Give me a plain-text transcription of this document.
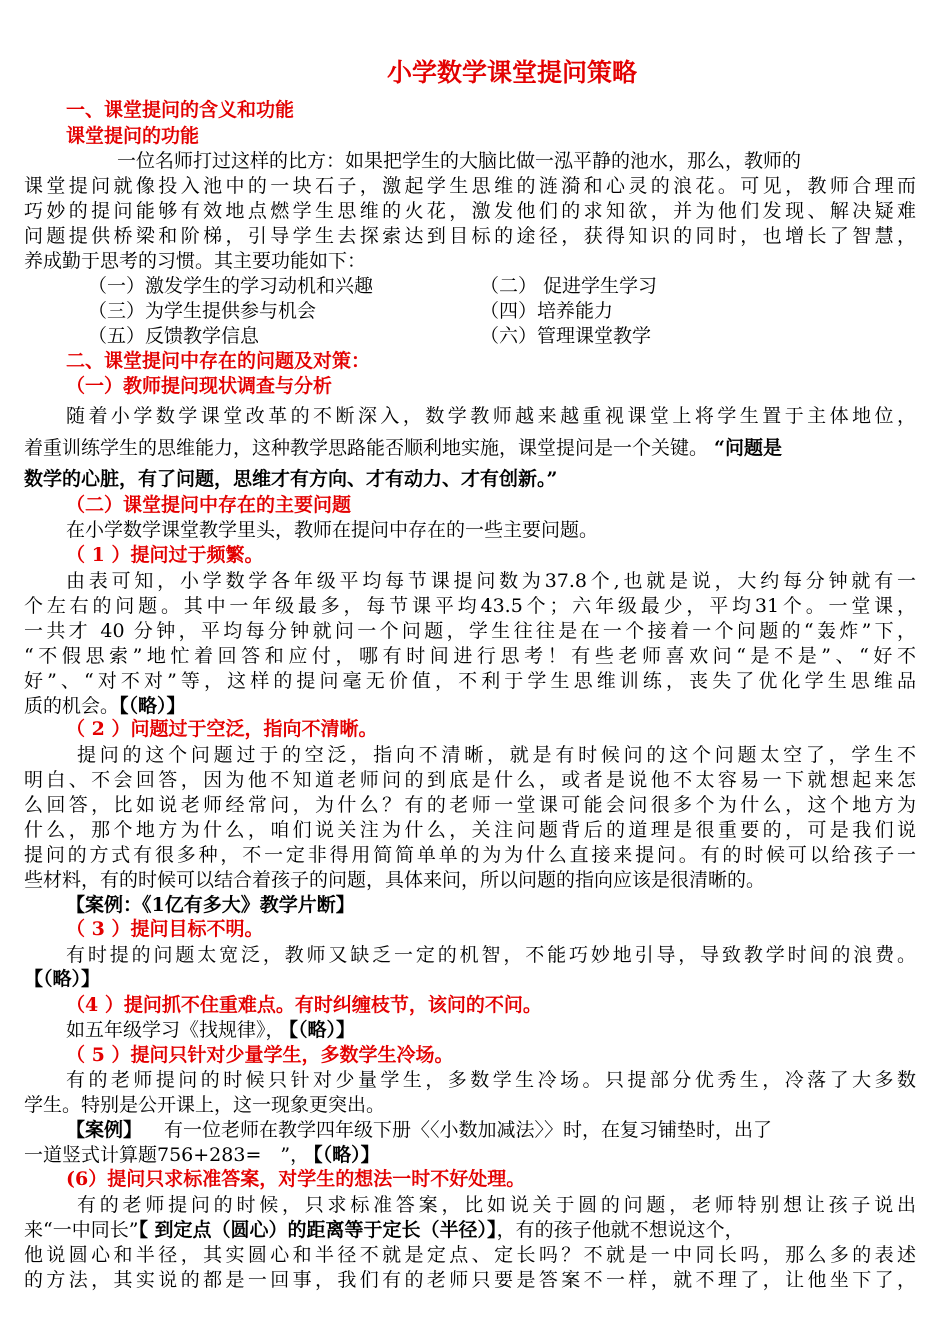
小学数学课堂提问策略
一、课堂提问的含义和功能
课堂提问的功能
一位名师打过这样的比方：如果把学生的大脑比做一泓平静的池水，那么，教师的
课堂提问就像投入池中的一块石子，激起学生思维的涟漪和心灵的浪花。可见，教师合理而
巧妙的提问能够有效地点燃学生思维的火花，激发他们的求知欲，并为他们发现、解决疑难
问题提供桥梁和阶梯，引导学生去探索达到目标的途径，获得知识的同时，也增长了智慧，
养成勤于思考的习惯。其主要功能如下：
（一）激发学生的学习动机和兴趣	（二） 促进学生学习
（三）为学生提供参与机会	（四）培养能力
（五）反馈教学信息	（六）管理课堂教学
二、课堂提问中存在的问题及对策：
（一）教师提问现状调查与分析
随着小学数学课堂改革的不断深入，数学教师越来越重视课堂上将学生置于主体地位，
着重训练学生的思维能力，这种教学思路能否顺利地实施，课堂提问是一个关键。 “问题是
数学的心脏，有了问题，思维才有方向、才有动力、才有创新。”
（二）课堂提问中存在的主要问题
在小学数学课堂教学里头，教师在提问中存在的一些主要问题。
（ 1 ）提问过于频繁。
由表可知，小学数学各年级平均每节课提问数为37.8个,也就是说，大约每分钟就有一
个左右的问题。其中一年级最多，每节课平均43.5个；六年级最少，平均31个。一堂课，
一共才 40 分钟，平均每分钟就问一个问题，学生往往是在一个接着一个问题的“轰炸”下，
“不假思索”地忙着回答和应付，哪有时间进行思考！有些老师喜欢问“是不是”、“好不
好”、“对不对”等，这样的提问毫无价值，不利于学生思维训练，丧失了优化学生思维品
质的机会。【（略）】
（ 2 ）问题过于空泛，指向不清晰。
提问的这个问题过于的空泛，指向不清晰，就是有时候问的这个问题太空了，学生不
明白、不会回答，因为他不知道老师问的到底是什么，或者是说他不太容易一下就想起来怎
么回答，比如说老师经常问，为什么？有的老师一堂课可能会问很多个为什么，这个地方为
什么，那个地方为什么，咱们说关注为什么，关注问题背后的道理是很重要的，可是我们说
提问的方式有很多种，不一定非得用简简单单的为为什么直接来提问。有的时候可以给孩子一
些材料，有的时候可以结合着孩子的问题，具体来问，所以问题的指向应该是很清晰的。
【案例：《1亿有多大》教学片断】
（ 3 ）提问目标不明。
有时提的问题太宽泛，教师又缺乏一定的机智，不能巧妙地引导，导致教学时间的浪费。
【（略）】
（4 ）提问抓不住重难点。有时纠缠枝节，该问的不问。
如五年级学习《找规律》， 【（略）】
（ 5 ）提问只针对少量学生，多数学生冷场。
有的老师提问的时候只针对少量学生，多数学生冷场。只提部分优秀生，冷落了大多数
学生。特别是公开课上，这一现象更突出。
【案例】 有一位老师在教学四年级下册〈〈小数加减法〉〉时，在复习铺垫时，出了
一道竖式计算题756+283=　”， 【（略）】
(6）提问只求标准答案，对学生的想法一时不好处理。
有的老师提问的时候，只求标准答案，比如说关于圆的问题，老师特别想让孩子说出
来“一中同长”【 到定点（圆心）的距离等于定长（半径）】，有的孩子他就不想说这个，
他说圆心和半径，其实圆心和半径不就是定点、定长吗？不就是一中同长吗，那么多的表述
的方法，其实说的都是一回事，我们有的老师只要是答案不一样，就不理了，让他坐下了，
